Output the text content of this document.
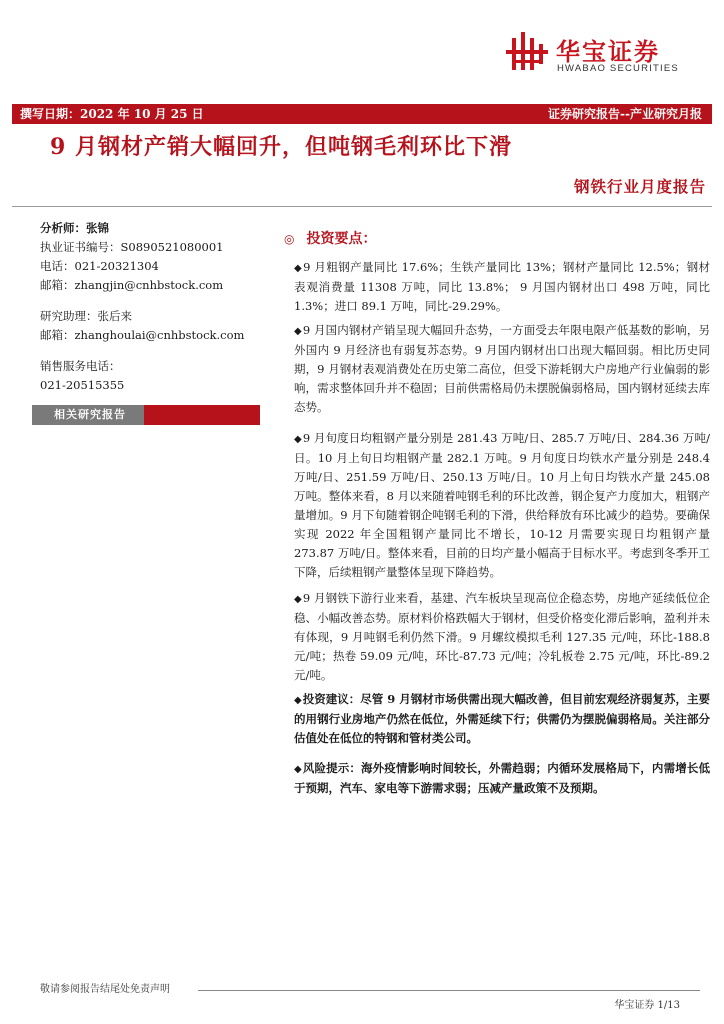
华宝证券
HWABAO SECURITIES
撰写日期：2022 年 10 月 25 日	证券研究报告--产业研究月报
9 月钢材产销大幅回升，但吨钢毛利环比下滑
钢铁行业月度报告
分析师：张锦
执业证书编号：S0890521080001
电话：021-20321304
邮箱：zhangjin@cnhbstock.com
研究助理：张后来
邮箱：zhanghoulai@cnhbstock.com
销售服务电话：
021-20515355
相关研究报告
◎ 投资要点：
◆9 月粗钢产量同比 17.6%；生铁产量同比 13%；钢材产量同比 12.5%；钢材表观消费量 11308 万吨，同比 13.8%； 9 月国内钢材出口 498 万吨，同比 1.3%；进口 89.1 万吨，同比-29.29%。
◆9 月国内钢材产销呈现大幅回升态势，一方面受去年限电限产低基数的影响，另外国内 9 月经济也有弱复苏态势。9 月国内钢材出口出现大幅回弱。相比历史同期，9 月钢材表观消费处在历史第二高位，但受下游耗钢大户房地产行业偏弱的影响，需求整体回升并不稳固；目前供需格局仍未摆脱偏弱格局，国内钢材延续去库态势。
◆9 月旬度日均粗钢产量分别是 281.43 万吨/日、285.7 万吨/日、284.36 万吨/日。10 月上旬日均粗钢产量 282.1 万吨。9 月旬度日均铁水产量分别是 248.4 万吨/日、251.59 万吨/日、250.13 万吨/日。10 月上旬日均铁水产量 245.08 万吨。整体来看，8 月以来随着吨钢毛利的环比改善，钢企复产力度加大，粗钢产量增加。9 月下旬随着钢企吨钢毛利的下滑，供给释放有环比减少的趋势。要确保实现 2022 年全国粗钢产量同比不增长，10-12 月需要实现日均粗钢产量 273.87 万吨/日。整体来看，目前的日均产量小幅高于目标水平。考虑到冬季开工下降，后续粗钢产量整体呈现下降趋势。
◆9 月钢铁下游行业来看，基建、汽车板块呈现高位企稳态势，房地产延续低位企稳、小幅改善态势。原材料价格跌幅大于钢材，但受价格变化滞后影响，盈利并未有体现，9 月吨钢毛利仍然下滑。9 月螺纹模拟毛利 127.35 元/吨，环比-188.8 元/吨；热卷 59.09 元/吨，环比-87.73 元/吨；冷轧板卷 2.75 元/吨，环比-89.2 元/吨。
◆投资建议：尽管 9 月钢材市场供需出现大幅改善，但目前宏观经济弱复苏，主要的用钢行业房地产仍然在低位，外需延续下行；供需仍为摆脱偏弱格局。关注部分估值处在低位的特钢和管材类公司。
◆风险提示：海外疫情影响时间较长，外需趋弱；内循环发展格局下，内需增长低于预期，汽车、家电等下游需求弱；压减产量政策不及预期。
敬请参阅报告结尾处免责声明
华宝证券 1/13
